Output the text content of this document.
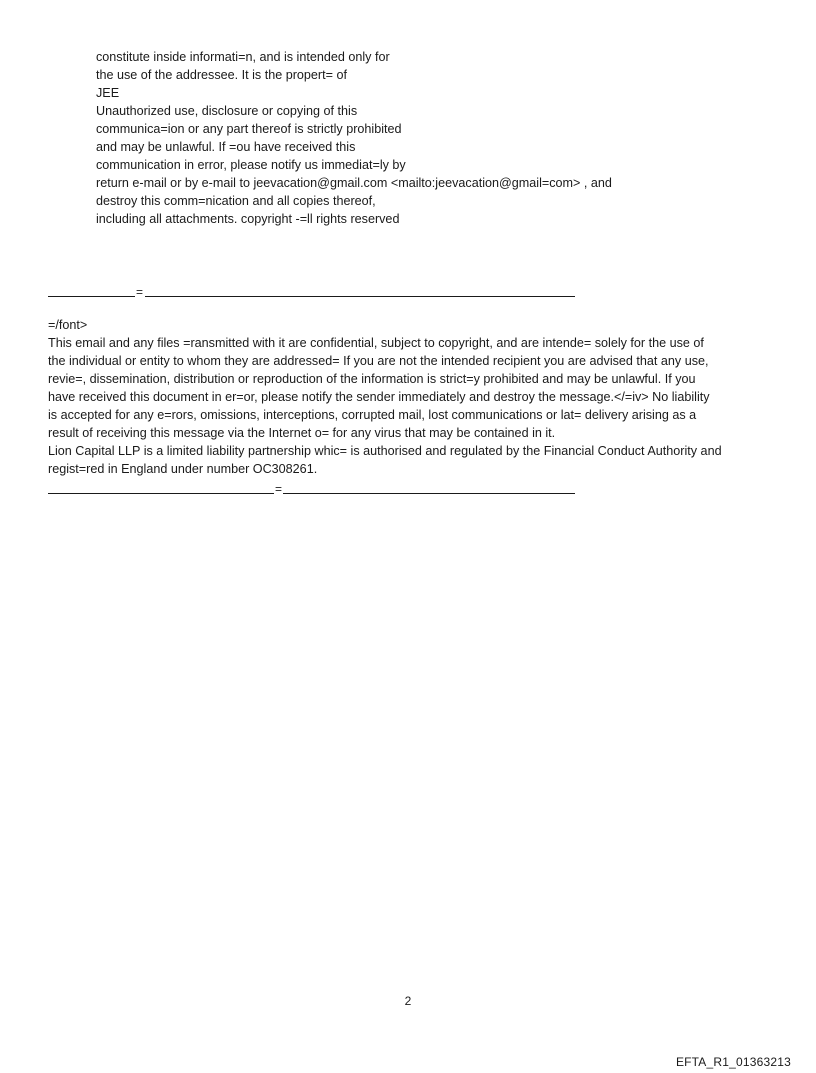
constitute inside informati=n, and is intended only for
the use of the addressee. It is the propert= of
JEE
Unauthorized use, disclosure or copying of this
communica=ion or any part thereof is strictly prohibited
and may be unlawful. If =ou have received this
communication in error, please notify us immediat=ly by
return e-mail or by e-mail to jeevacation@gmail.com <mailto:jeevacation@gmail=com> , and
destroy this comm=nication and all copies thereof,
including all attachments. copyright -=ll rights reserved
=
=/font>
This email and any files =ransmitted with it are confidential, subject to copyright, and are intende= solely for the use of
the individual or entity to whom they are addressed= If you are not the intended recipient you are advised that any use,
revie=, dissemination, distribution or reproduction of the information is strict=y prohibited and may be unlawful. If you
have received this document in er=or, please notify the sender immediately and destroy the message.</=iv> No liability
is accepted for any e=rors, omissions, interceptions, corrupted mail, lost communications or lat= delivery arising as a
result of receiving this message via the Internet o= for any virus that may be contained in it.
Lion Capital LLP is a limited liability partnership whic= is authorised and regulated by the Financial Conduct Authority and
regist=red in England under number OC308261.
=
2
EFTA_R1_01363213
